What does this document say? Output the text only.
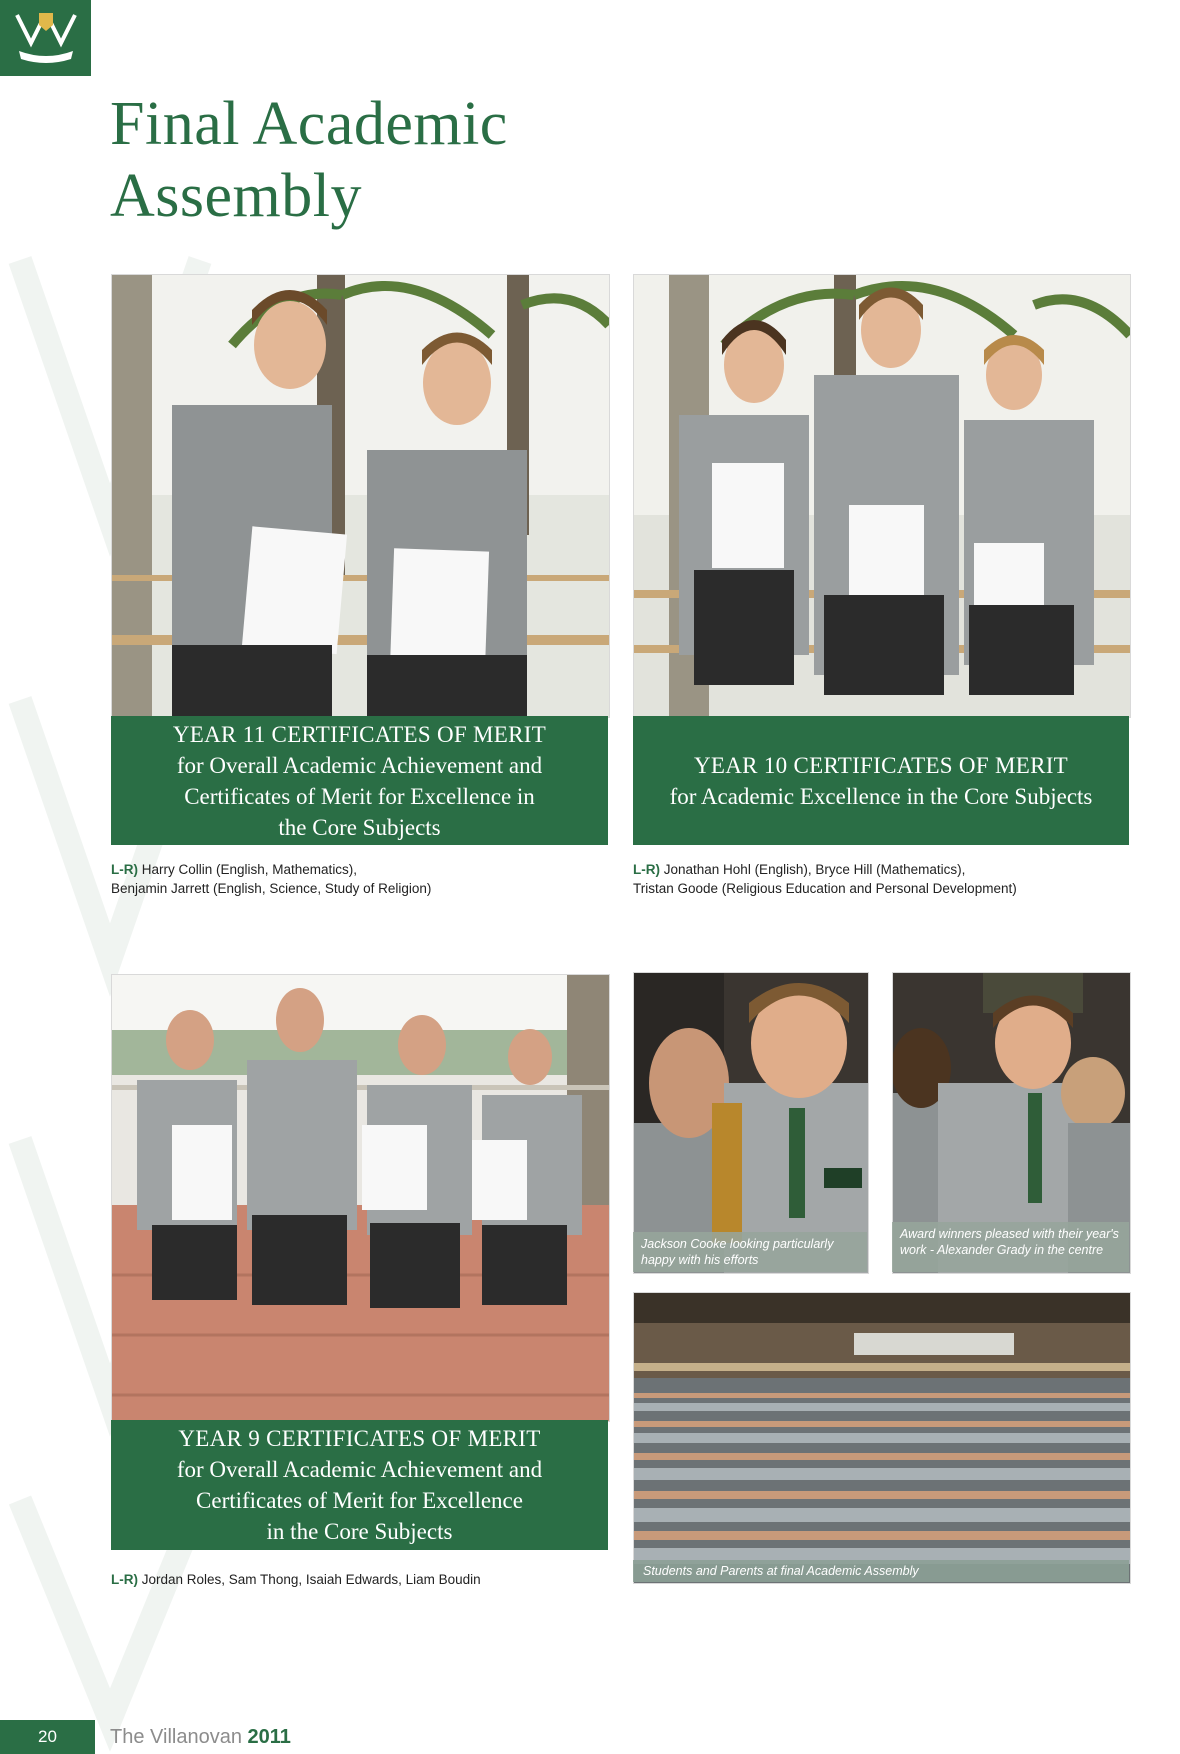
Final Academic
Assembly
YEAR 11 CERTIFICATES OF MERIT
for Overall Academic Achievement and
Certificates of Merit for Excellence in
the Core Subjects
L-R) Harry Collin (English, Mathematics),
Benjamin Jarrett (English, Science, Study of Religion)
YEAR 10 CERTIFICATES OF MERIT
for Academic Excellence in the Core Subjects
L-R) Jonathan Hohl (English), Bryce Hill (Mathematics),
Tristan Goode (Religious Education and Personal Development)
YEAR 9 CERTIFICATES OF MERIT
for Overall Academic Achievement and
Certificates of Merit for Excellence
in the Core Subjects
L-R) Jordan Roles, Sam Thong, Isaiah Edwards, Liam Boudin
Jackson Cooke looking particularly happy with his efforts
Award winners pleased with their year's work - Alexander Grady in the centre
Students and Parents at final Academic Assembly
20	The Villanovan 2011
